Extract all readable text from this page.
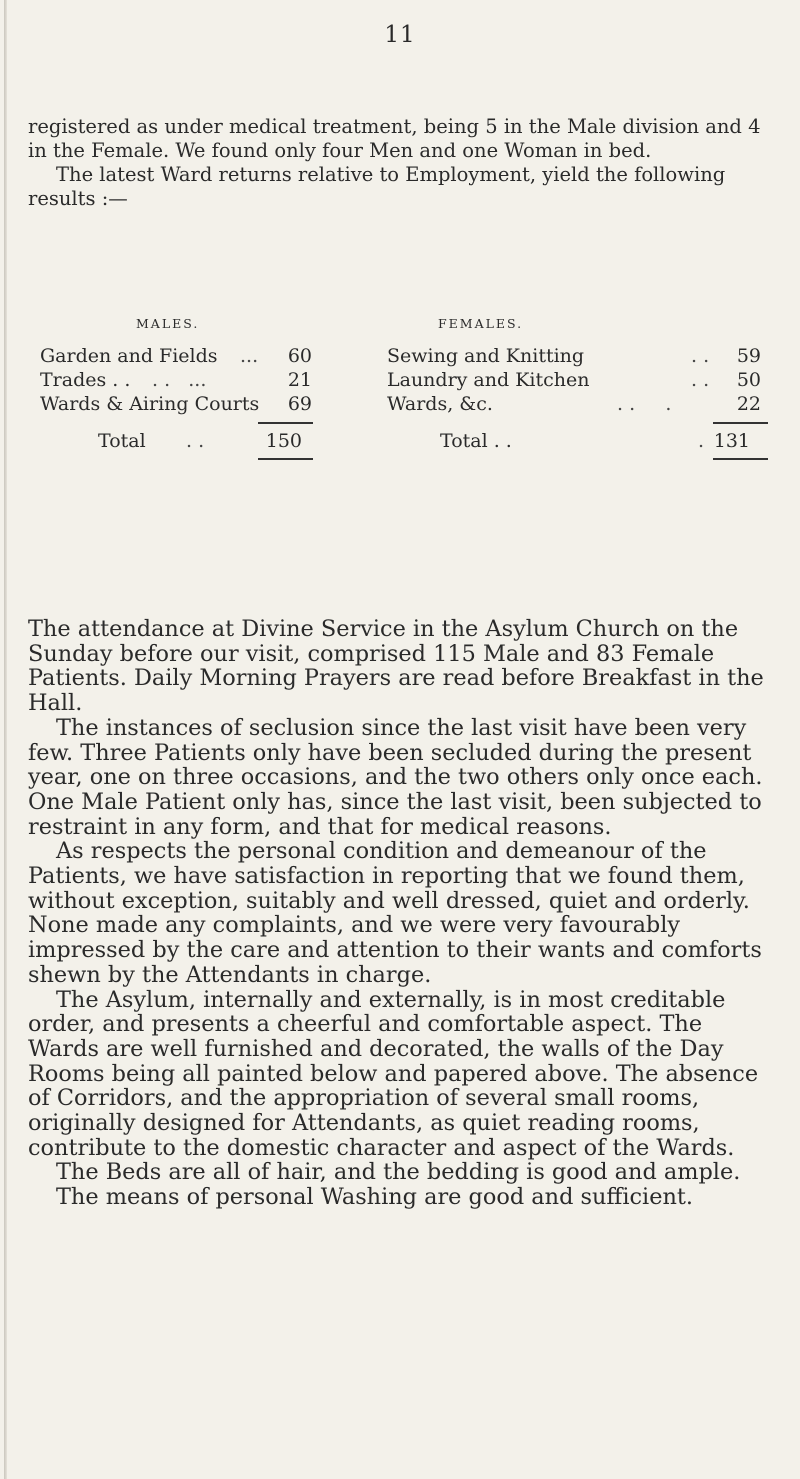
11

registered as under medical treatment, being 5 in the Male division and 4 in the Female. We found only four Men and one Woman in bed.

The latest Ward returns relative to Employment, yield the following results :—

MALES.	FEMALES.
Garden and Fields ...	60
Trades . . . .   ...	21
Wards & Airing Courts	69
Sewing and Knitting	. .	59
Laundry and Kitchen	. .	50
Wards, &c.	. .     .	22
Total . .	150	Total . .	. 131

The attendance at Divine Service in the Asylum Church on the Sunday before our visit, comprised 115 Male and 83 Female Patients. Daily Morning Prayers are read before Breakfast in the Hall.

The instances of seclusion since the last visit have been very few. Three Patients only have been secluded during the present year, one on three occasions, and the two others only once each. One Male Patient only has, since the last visit, been subjected to restraint in any form, and that for medical reasons.

As respects the personal condition and demeanour of the Patients, we have satisfaction in reporting that we found them, without exception, suitably and well dressed, quiet and orderly. None made any complaints, and we were very favourably impressed by the care and attention to their wants and comforts shewn by the Attendants in charge.

The Asylum, internally and externally, is in most creditable order, and presents a cheerful and comfortable aspect. The Wards are well furnished and decorated, the walls of the Day Rooms being all painted below and papered above. The absence of Corridors, and the appropriation of several small rooms, originally designed for Attendants, as quiet reading rooms, contribute to the domestic character and aspect of the Wards.

The Beds are all of hair, and the bedding is good and ample.

The means of personal Washing are good and sufficient.
